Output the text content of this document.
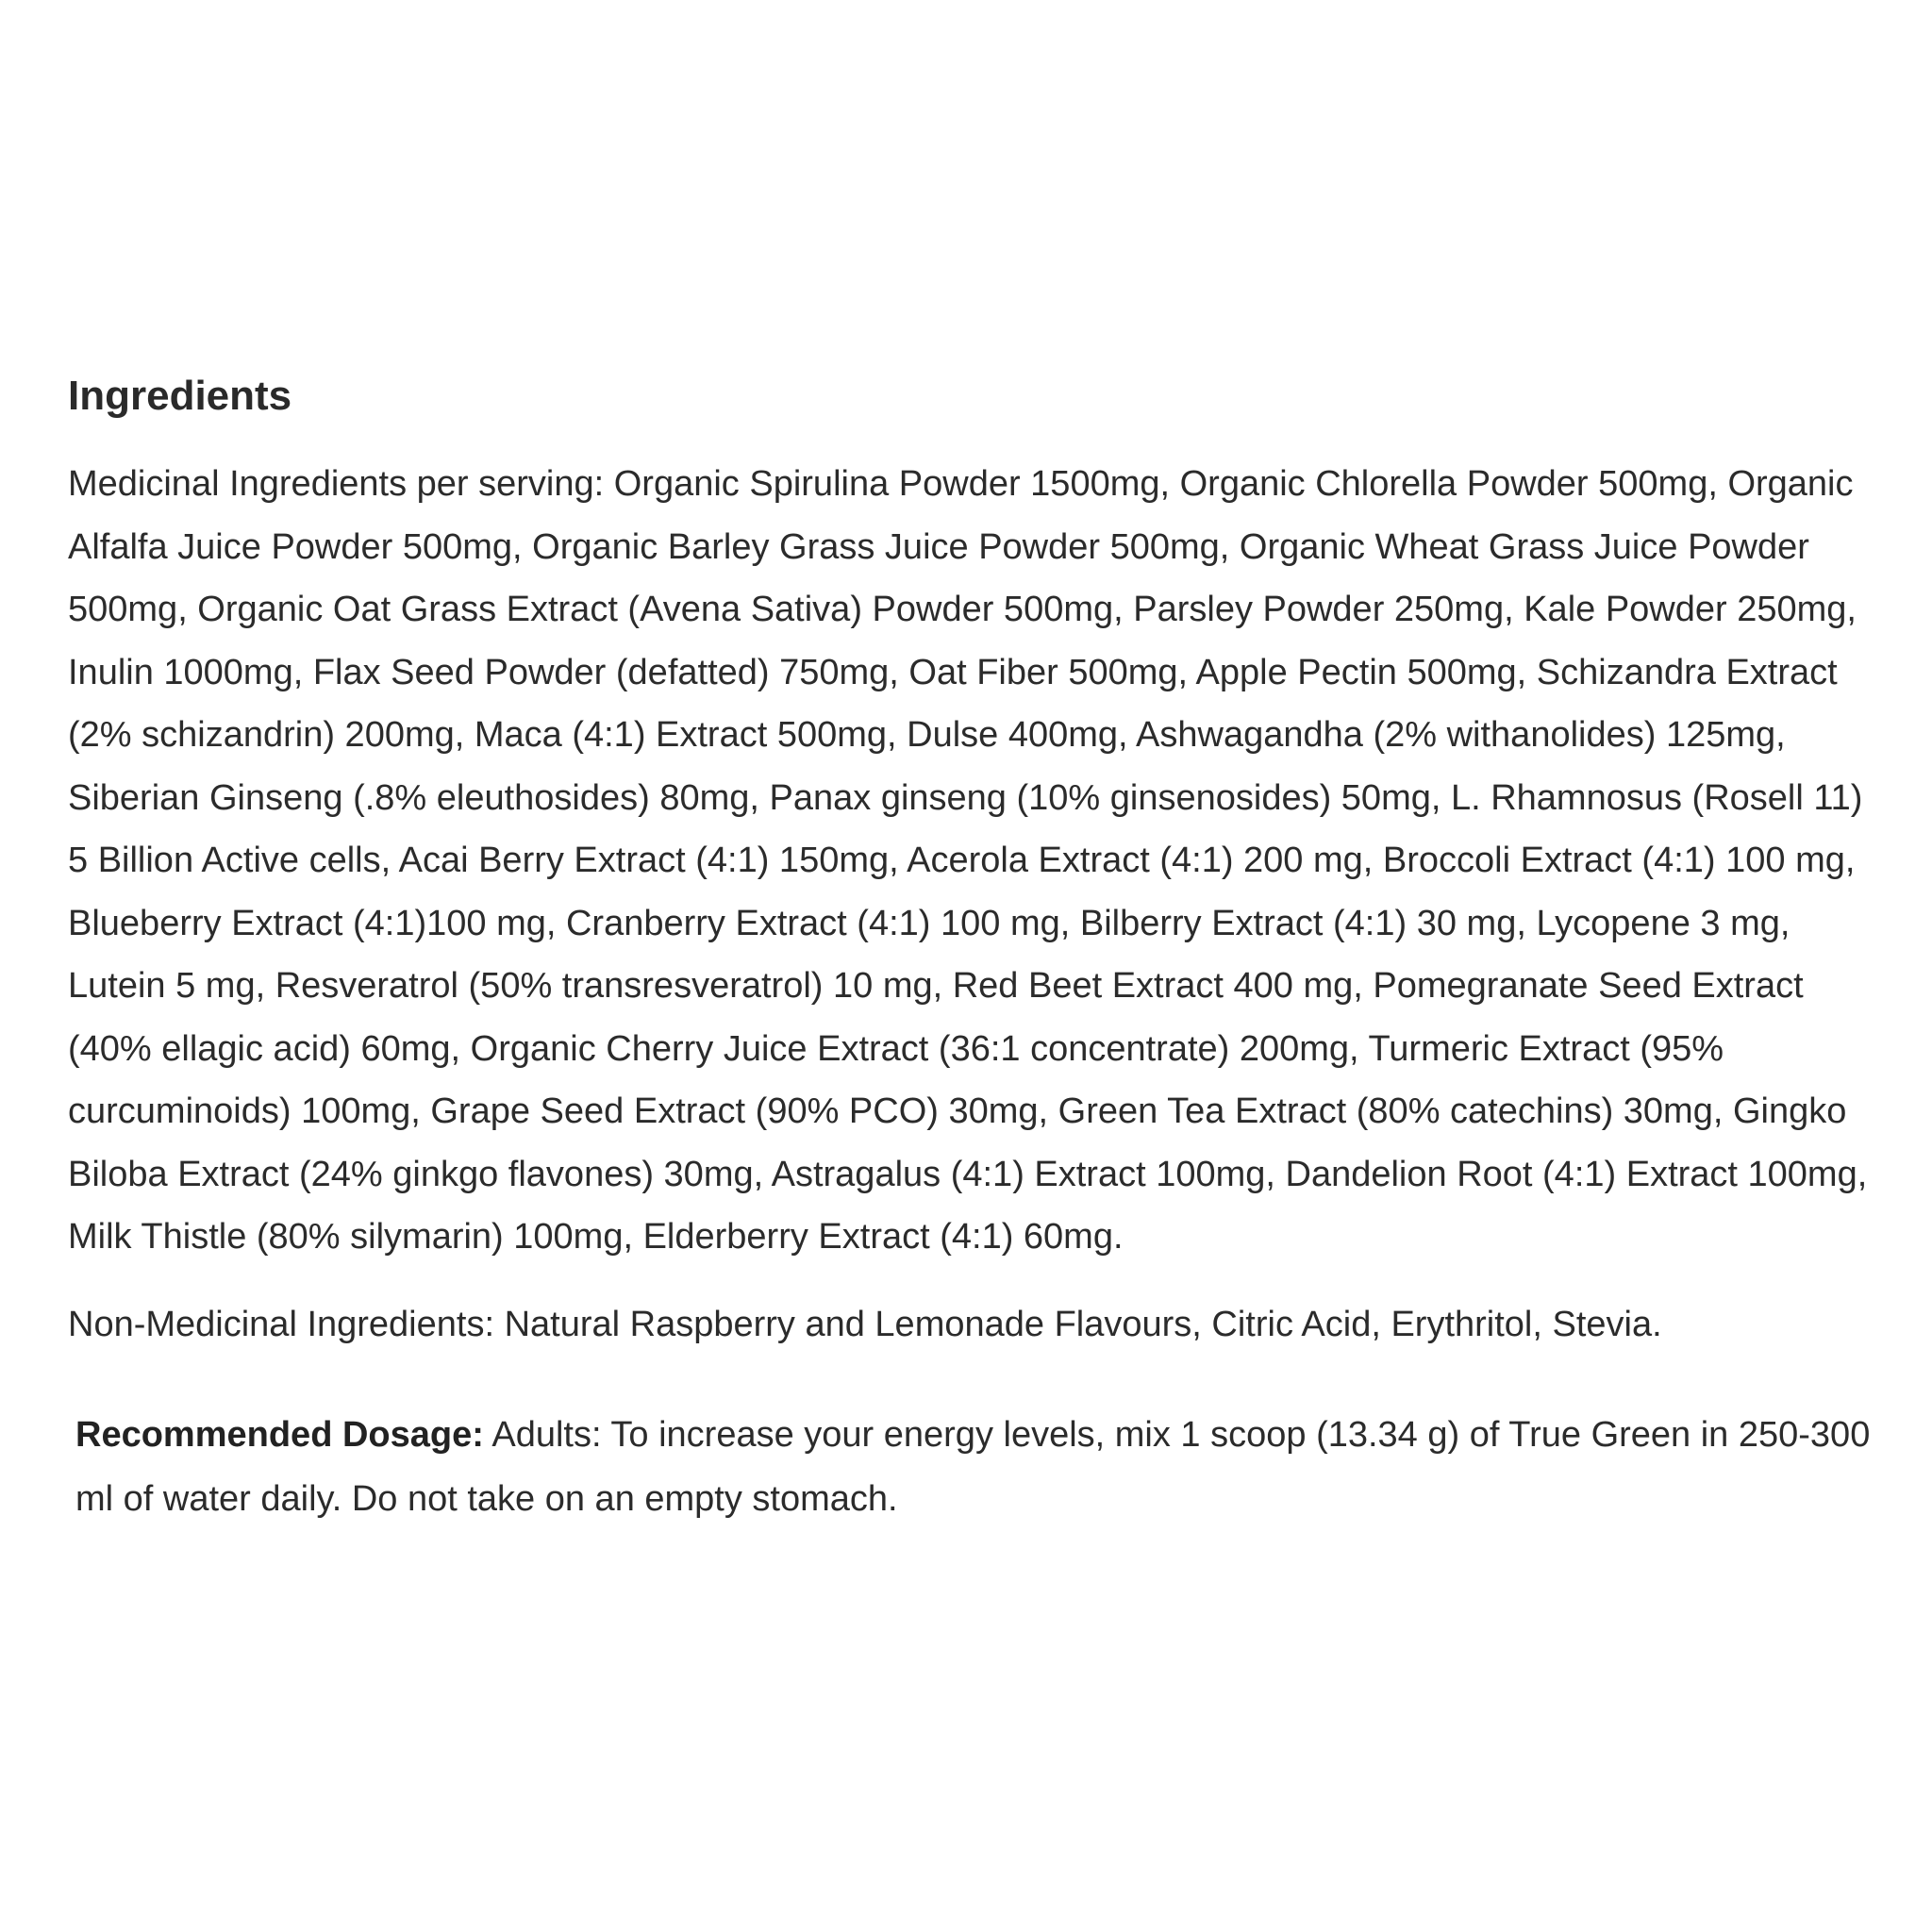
Ingredients

Medicinal Ingredients per serving: Organic Spirulina Powder 1500mg, Organic Chlorella Powder 500mg, Organic Alfalfa Juice Powder 500mg, Organic Barley Grass Juice Powder 500mg, Organic Wheat Grass Juice Powder 500mg, Organic Oat Grass Extract (Avena Sativa) Powder 500mg, Parsley Powder 250mg, Kale Powder 250mg, Inulin 1000mg, Flax Seed Powder (defatted) 750mg, Oat Fiber 500mg, Apple Pectin 500mg, Schizandra Extract (2% schizandrin) 200mg, Maca (4:1) Extract 500mg, Dulse 400mg, Ashwagandha (2% withanolides) 125mg, Siberian Ginseng (.8% eleuthosides) 80mg, Panax ginseng (10% ginsenosides) 50mg, L. Rhamnosus (Rosell 11) 5 Billion Active cells, Acai Berry Extract (4:1) 150mg, Acerola Extract (4:1) 200 mg, Broccoli Extract (4:1) 100 mg, Blueberry Extract (4:1)100 mg, Cranberry Extract (4:1) 100 mg, Bilberry Extract (4:1) 30 mg, Lycopene 3 mg, Lutein 5 mg, Resveratrol (50% transresveratrol) 10 mg, Red Beet Extract 400 mg, Pomegranate Seed Extract (40% ellagic acid) 60mg, Organic Cherry Juice Extract (36:1 concentrate) 200mg, Turmeric Extract (95% curcuminoids) 100mg, Grape Seed Extract (90% PCO) 30mg, Green Tea Extract (80% catechins) 30mg, Gingko Biloba Extract (24% ginkgo flavones) 30mg, Astragalus (4:1) Extract 100mg, Dandelion Root (4:1) Extract 100mg, Milk Thistle (80% silymarin) 100mg, Elderberry Extract (4:1) 60mg.

Non-Medicinal Ingredients: Natural Raspberry and Lemonade Flavours, Citric Acid, Erythritol, Stevia.

Recommended Dosage: Adults: To increase your energy levels, mix 1 scoop (13.34 g) of True Green in 250-300 ml of water daily. Do not take on an empty stomach.
